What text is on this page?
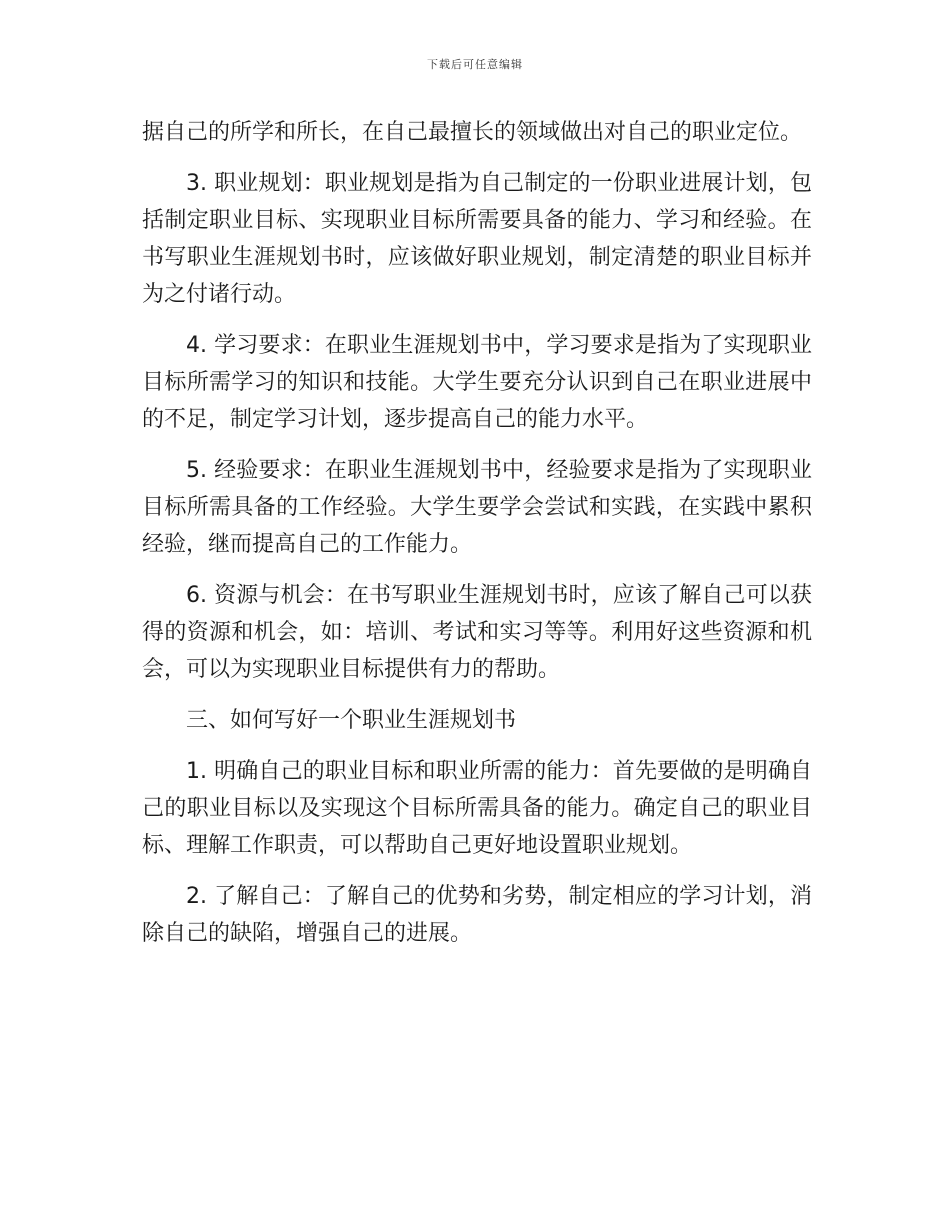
下载后可任意编辑

据自己的所学和所长，在自己最擅长的领域做出对自己的职业定位。

3. 职业规划：职业规划是指为自己制定的一份职业进展计划，包括制定职业目标、实现职业目标所需要具备的能力、学习和经验。在书写职业生涯规划书时，应该做好职业规划，制定清楚的职业目标并为之付诸行动。

4. 学习要求：在职业生涯规划书中，学习要求是指为了实现职业目标所需学习的知识和技能。大学生要充分认识到自己在职业进展中的不足，制定学习计划，逐步提高自己的能力水平。

5. 经验要求：在职业生涯规划书中，经验要求是指为了实现职业目标所需具备的工作经验。大学生要学会尝试和实践，在实践中累积经验，继而提高自己的工作能力。

6. 资源与机会：在书写职业生涯规划书时，应该了解自己可以获得的资源和机会，如：培训、考试和实习等等。利用好这些资源和机会，可以为实现职业目标提供有力的帮助。

三、如何写好一个职业生涯规划书

1. 明确自己的职业目标和职业所需的能力：首先要做的是明确自己的职业目标以及实现这个目标所需具备的能力。确定自己的职业目标、理解工作职责，可以帮助自己更好地设置职业规划。

2. 了解自己：了解自己的优势和劣势，制定相应的学习计划，消除自己的缺陷，增强自己的进展。
